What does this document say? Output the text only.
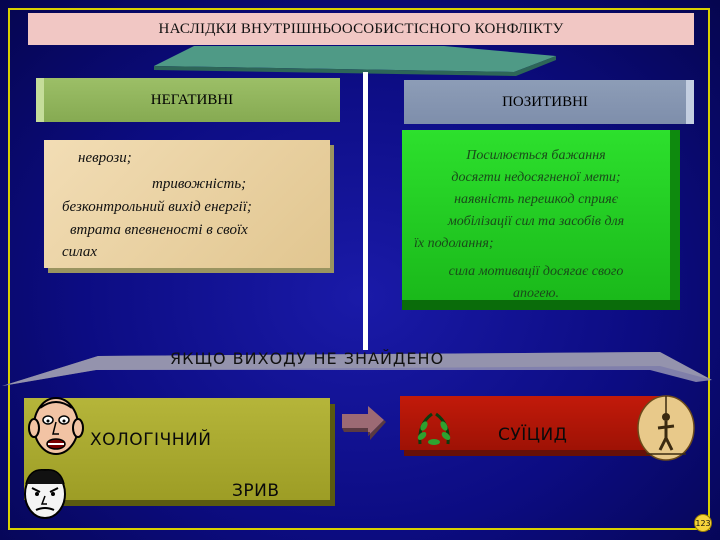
НАСЛІДКИ ВНУТРІШНЬООСОБИСТІСНОГО КОНФЛІКТУ
НЕГАТИВНІ	ПОЗИТИВНІ
неврози;
тривожність;
безконтрольний вихід енергії;
втрата впевненості в своїх
силах
Посилюється бажання
досягти недосягненої мети;
наявність перешкод сприяє
мобілізації сил та засобів для
їх подолання;
сила мотивації досягає свого
апогею.
ЯКЩО ВИХОДУ НЕ ЗНАЙДЕНО
ХОЛОГІЧНИЙ
ЗРИВ
СУЇЦИД
123
